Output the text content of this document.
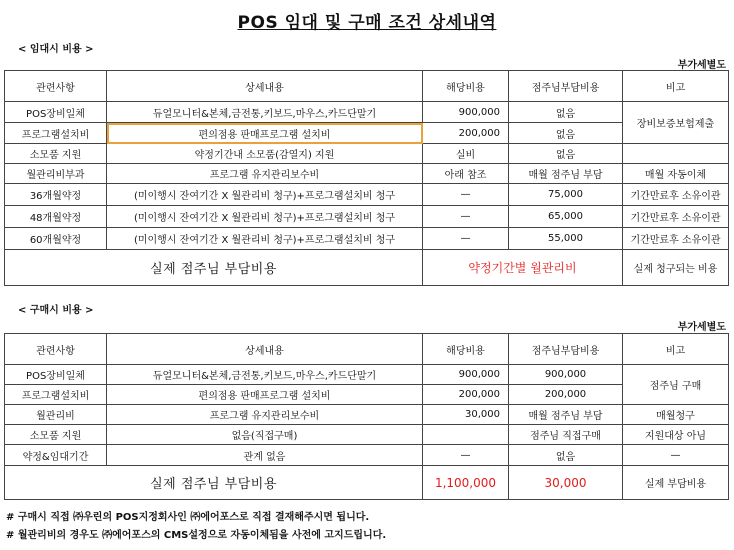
POS 임대 및 구매 조건 상세내역
< 임대시 비용 >
부가세별도
관련사항	상세내용	해당비용	점주님부담비용	비고
POS장비일체	듀얼모니터&본체,금전통,키보드,마우스,카드단말기	900,000	없음	장비보증보험제출
프로그램설치비	편의점용 판매프로그램 설치비	200,000	없음	
소모품 지원	약정기간내 소모품(감열지) 지원	실비	없음	
월관리비부과	프로그램 유지관리보수비	아래 참조	매월 점주님 부담	매월 자동이체
36개월약정	(미이행시 잔여기간 X 월관리비 청구)+프로그램설치비 청구	—	75,000	기간만료후 소유이관
48개월약정	(미이행시 잔여기간 X 월관리비 청구)+프로그램설치비 청구	—	65,000	기간만료후 소유이관
60개월약정	(미이행시 잔여기간 X 월관리비 청구)+프로그램설치비 청구	—	55,000	기간만료후 소유이관
실제 점주님 부담비용		약정기간별 월관리비		실제 청구되는 비용
< 구매시 비용 >
부가세별도
관련사항	상세내용	해당비용	점주님부담비용	비고
POS장비일체	듀얼모니터&본체,금전통,키보드,마우스,카드단말기	900,000	900,000	점주님 구매
프로그램설치비	편의점용 판매프로그램 설치비	200,000	200,000	
월관리비	프로그램 유지관리보수비	30,000	매월 점주님 부담	매월청구
소모품 지원	없음(직접구매)		점주님 직접구매	지원대상 아님
약정&임대기간	관계 없음	—	없음	—
실제 점주님 부담비용		1,100,000	30,000	실제 부담비용
# 구매시 직접 ㈜우린의 POS지정회사인 ㈜에어포스로 직접 결재해주시면 됩니다.
# 월관리비의 경우도 ㈜에어포스의 CMS설정으로 자동이체됨을 사전에 고지드립니다.
